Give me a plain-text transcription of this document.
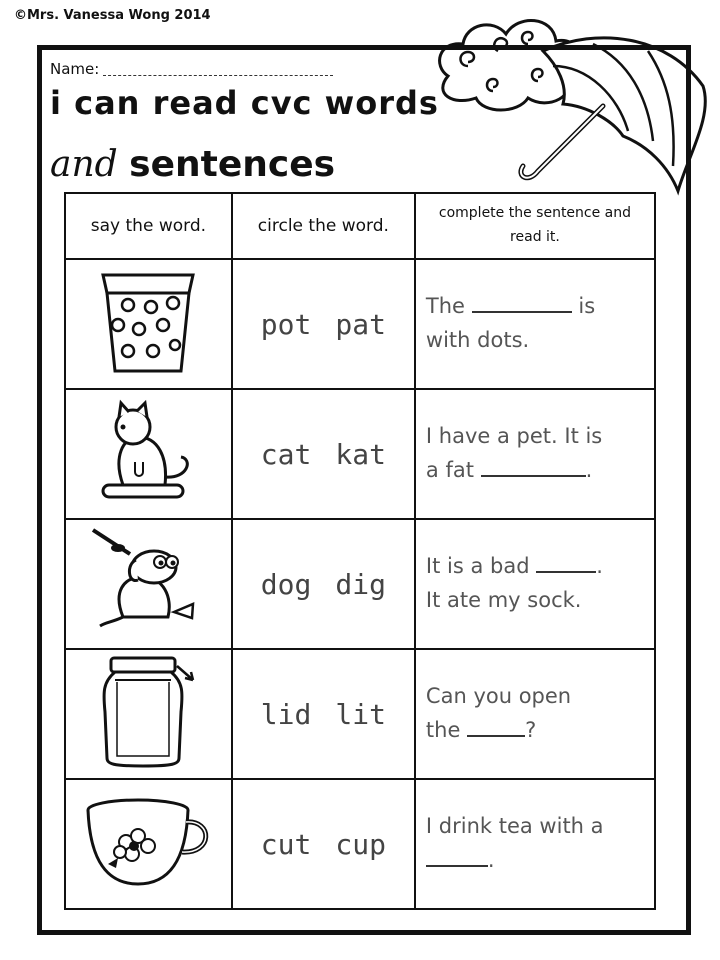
©Mrs. Vanessa Wong 2014
Name:
i can read cvc words
and sentences
say the word.	circle the word.	complete the sentence and read it.
	pot pat	The is
with dots.
	cat kat	I have a pet. It is
a fat .
	dog dig	It is a bad .
It ate my sock.
	lid lit	Can you open
the ?
	cut cup	I drink tea with a
.
